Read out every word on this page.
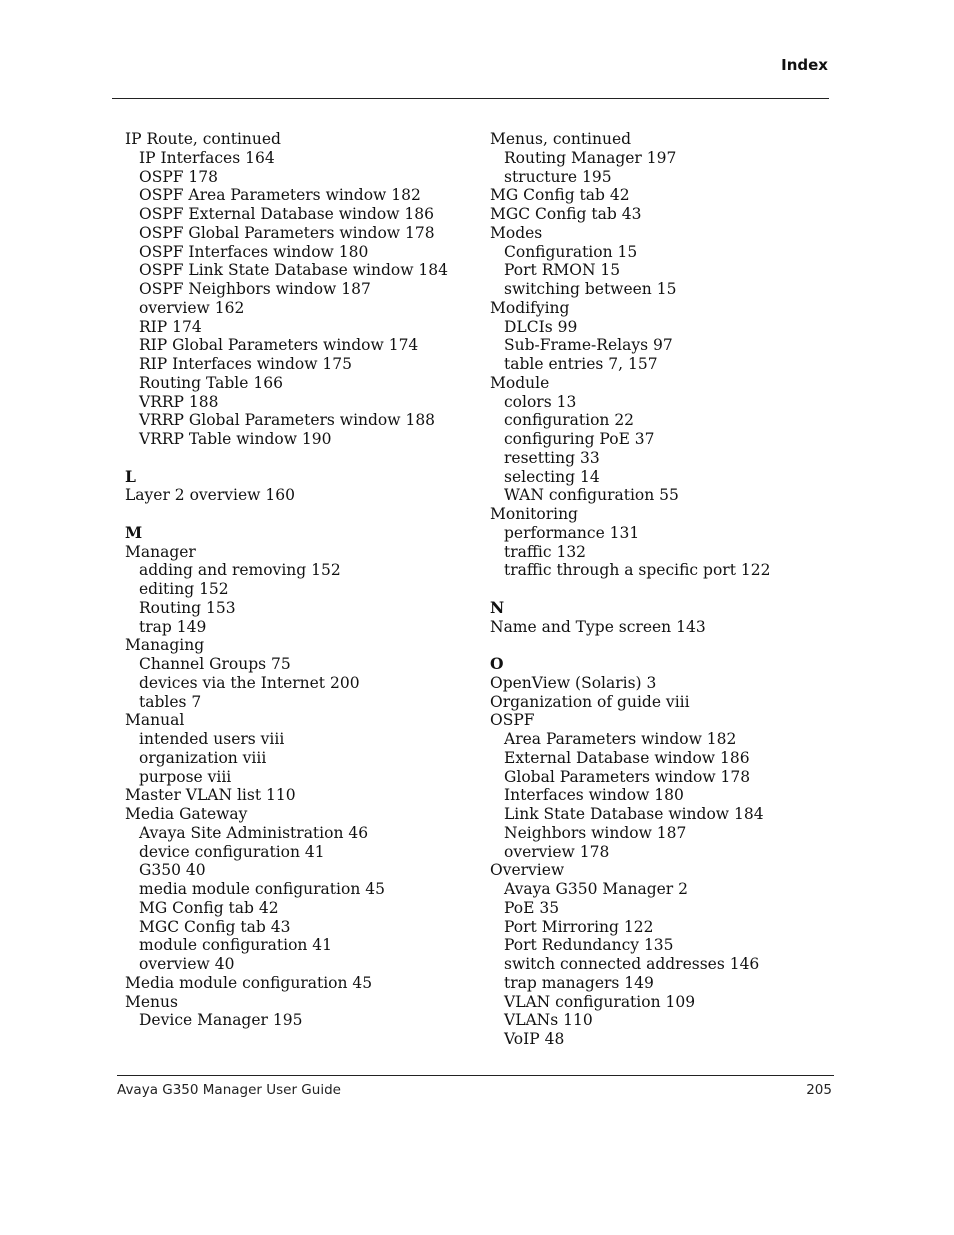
Index
IP Route, continued
IP Interfaces 164
OSPF 178
OSPF Area Parameters window 182
OSPF External Database window 186
OSPF Global Parameters window 178
OSPF Interfaces window 180
OSPF Link State Database window 184
OSPF Neighbors window 187
overview 162
RIP 174
RIP Global Parameters window 174
RIP Interfaces window 175
Routing Table 166
VRRP 188
VRRP Global Parameters window 188
VRRP Table window 190
L
Layer 2 overview 160
M
Manager
adding and removing 152
editing 152
Routing 153
trap 149
Managing
Channel Groups 75
devices via the Internet 200
tables 7
Manual
intended users viii
organization viii
purpose viii
Master VLAN list 110
Media Gateway
Avaya Site Administration 46
device configuration 41
G350 40
media module configuration 45
MG Config tab 42
MGC Config tab 43
module configuration 41
overview 40
Media module configuration 45
Menus
Device Manager 195
Menus, continued
Routing Manager 197
structure 195
MG Config tab 42
MGC Config tab 43
Modes
Configuration 15
Port RMON 15
switching between 15
Modifying
DLCIs 99
Sub-Frame-Relays 97
table entries 7, 157
Module
colors 13
configuration 22
configuring PoE 37
resetting 33
selecting 14
WAN configuration 55
Monitoring
performance 131
traffic 132
traffic through a specific port 122
N
Name and Type screen 143
O
OpenView (Solaris) 3
Organization of guide viii
OSPF
Area Parameters window 182
External Database window 186
Global Parameters window 178
Interfaces window 180
Link State Database window 184
Neighbors window 187
overview 178
Overview
Avaya G350 Manager 2
PoE 35
Port Mirroring 122
Port Redundancy 135
switch connected addresses 146
trap managers 149
VLAN configuration 109
VLANs 110
VoIP 48
Avaya G350 Manager User Guide	205
